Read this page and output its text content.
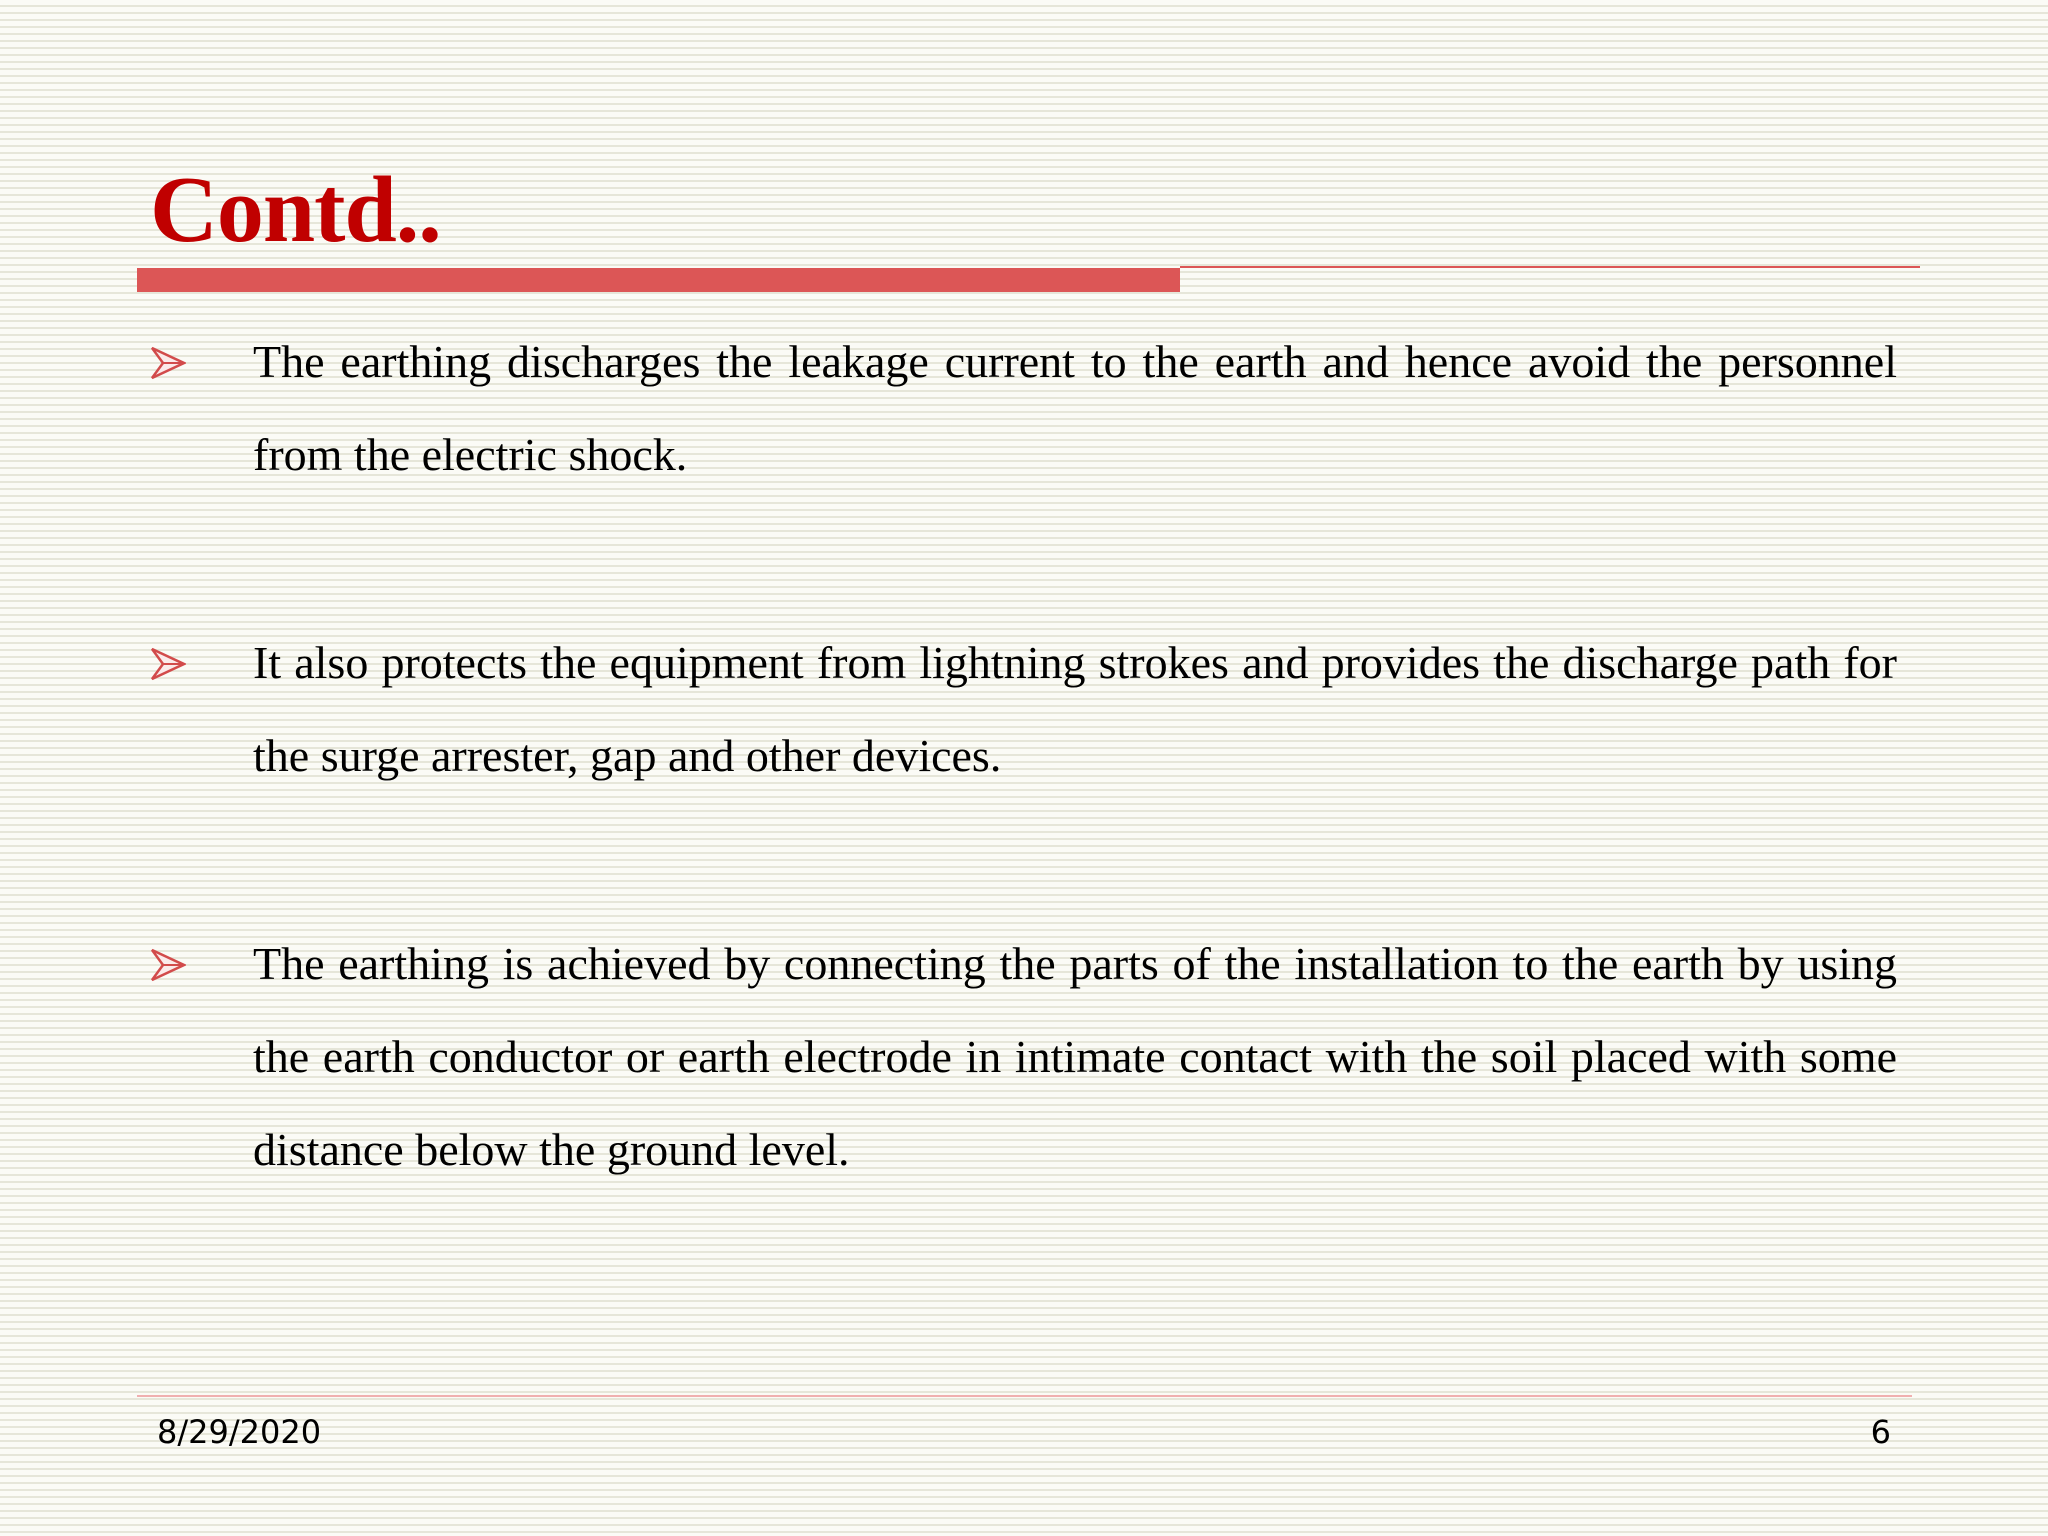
Contd..
The earthing discharges the leakage current to the earth and hence avoid the personnel from the electric shock.
It also protects the equipment from lightning strokes and provides the discharge path for the surge arrester, gap and other devices.
The earthing is achieved by connecting the parts of the installation to the earth by using the earth conductor or earth electrode in intimate contact with the soil placed with some distance below the ground level.
8/29/2020	6
